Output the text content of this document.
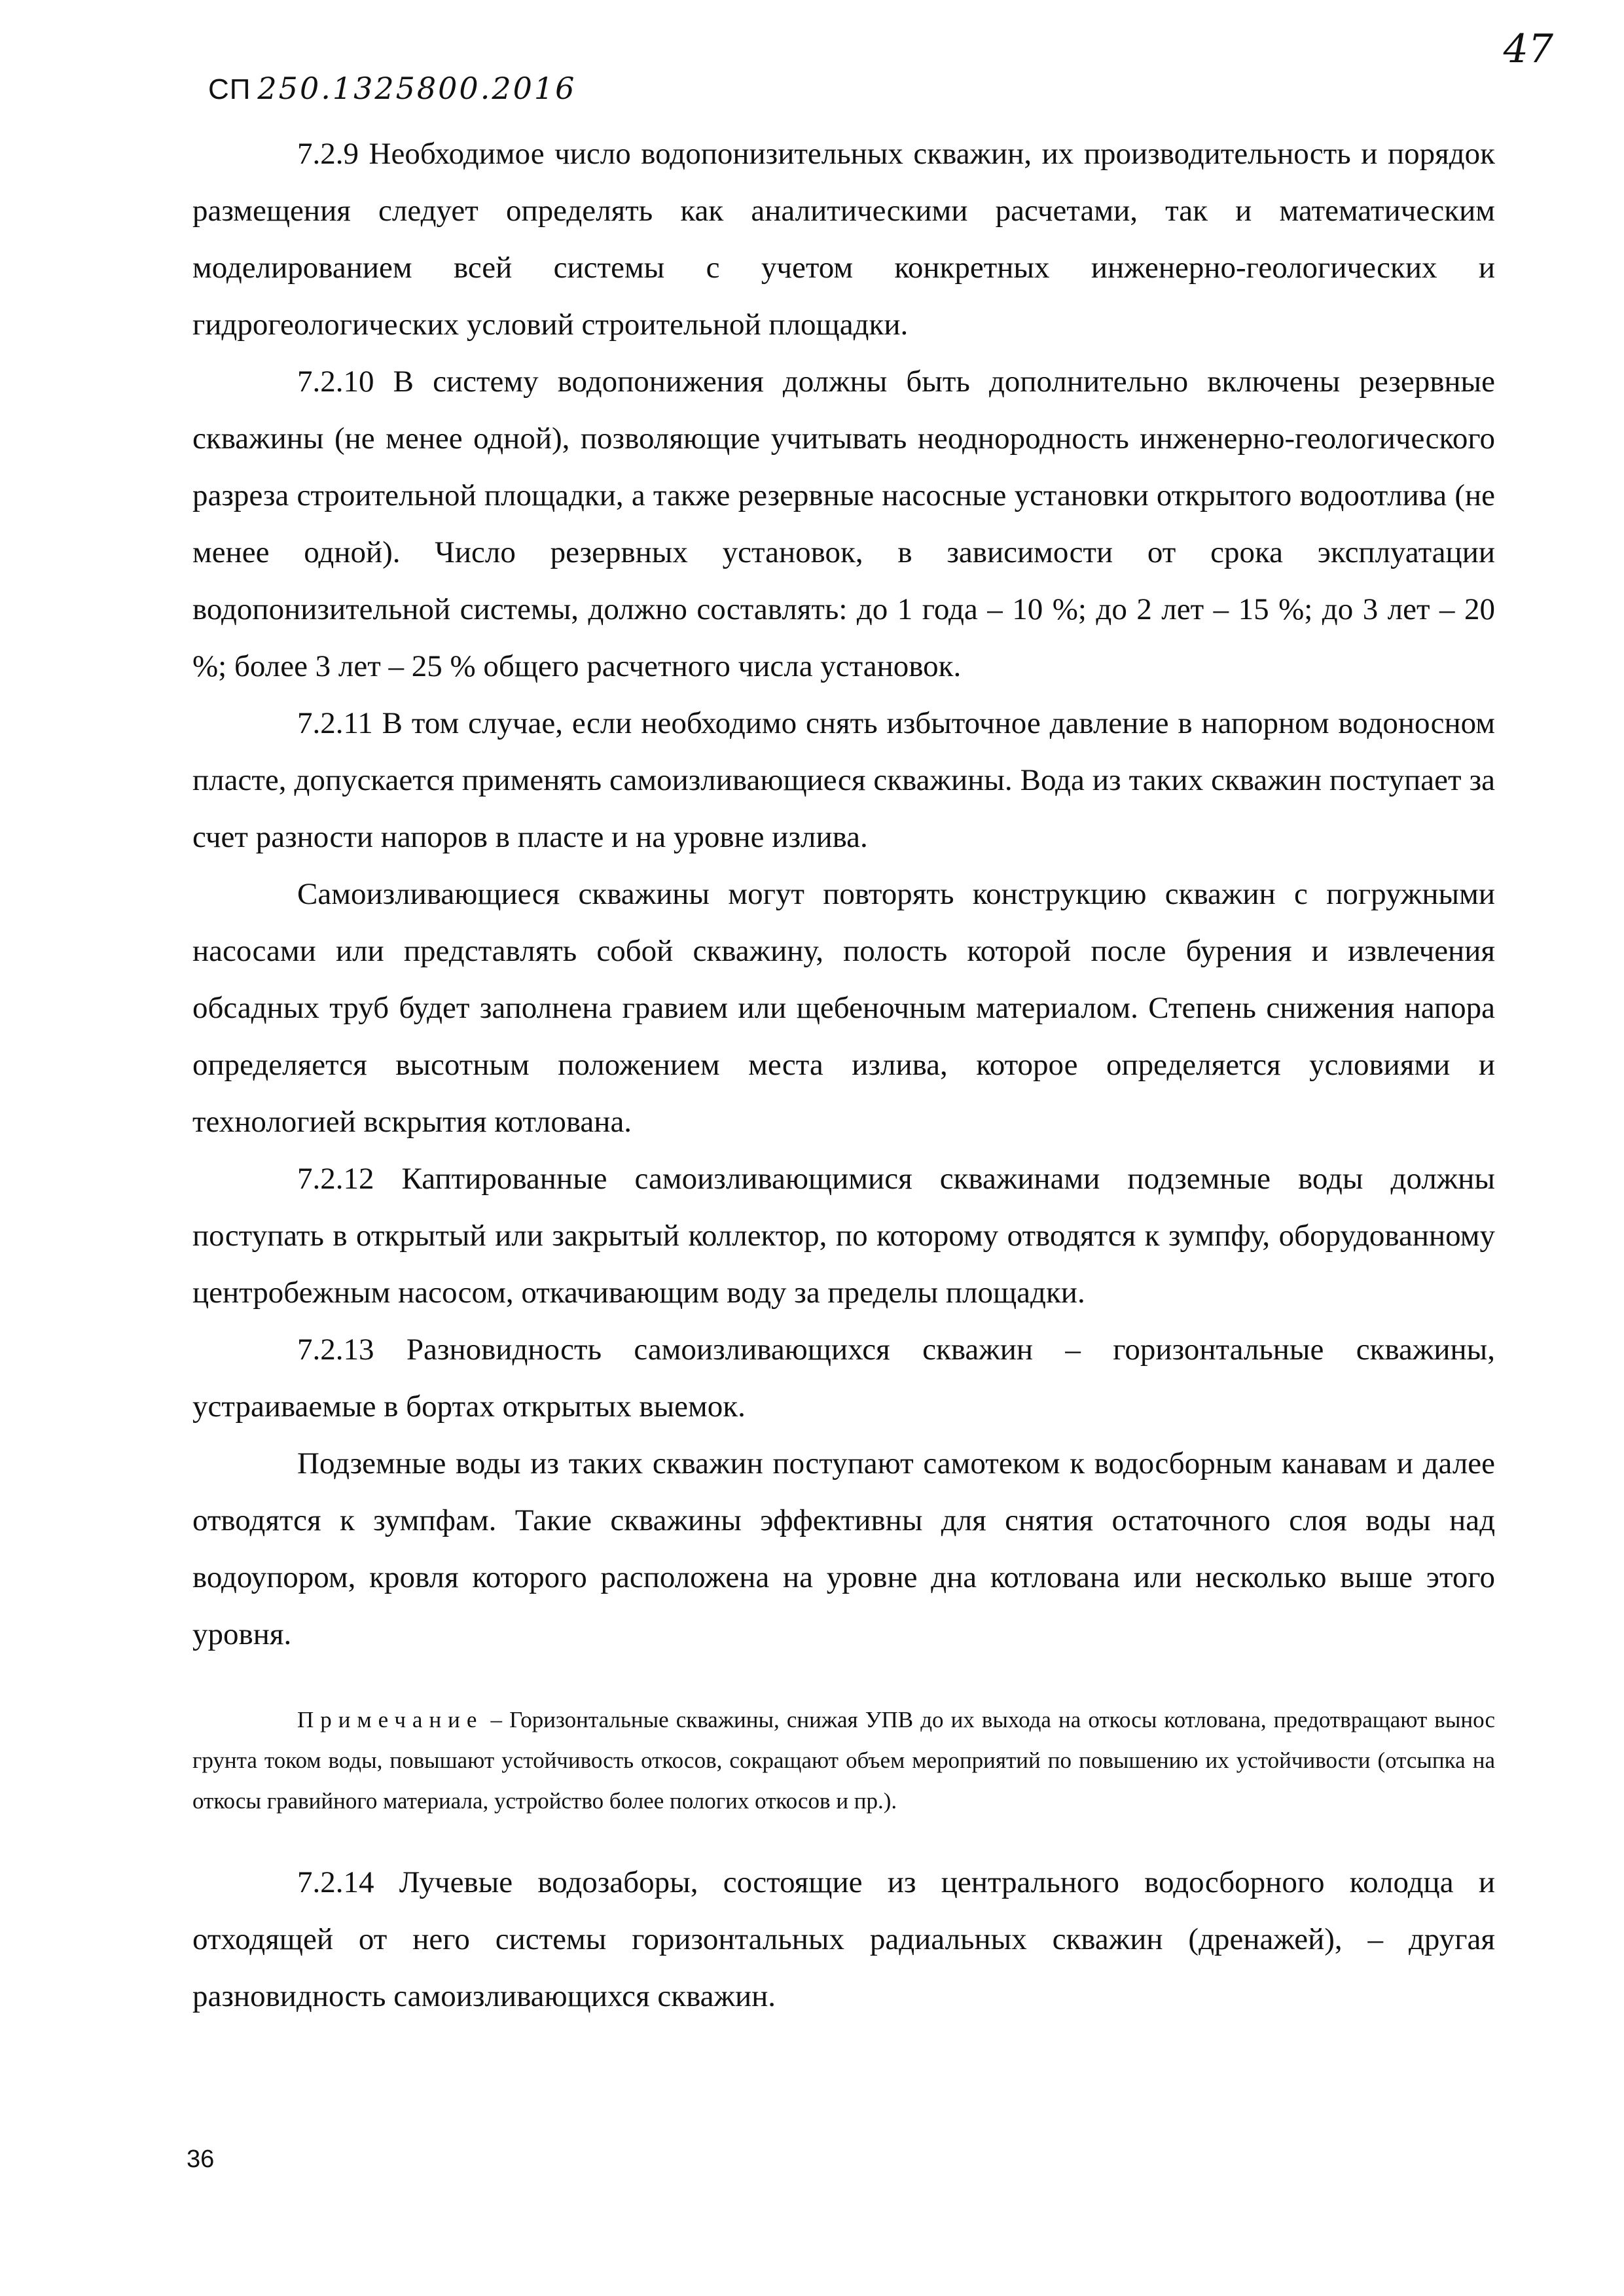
СП 250.1325800.2016
47

7.2.9 Необходимое число водопонизительных скважин, их производительность и порядок размещения следует определять как аналитическими расчетами, так и математическим моделированием всей системы с учетом конкретных инженерно-геологических и гидрогеологических условий строительной площадки.

7.2.10 В систему водопонижения должны быть дополнительно включены резервные скважины (не менее одной), позволяющие учитывать неоднородность инженерно-геологического разреза строительной площадки, а также резервные насосные установки открытого водоотлива (не менее одной). Число резервных установок, в зависимости от срока эксплуатации водопонизительной системы, должно составлять: до 1 года – 10 %; до 2 лет – 15 %; до 3 лет – 20 %; более 3 лет – 25 % общего расчетного числа установок.

7.2.11 В том случае, если необходимо снять избыточное давление в напорном водоносном пласте, допускается применять самоизливающиеся скважины. Вода из таких скважин поступает за счет разности напоров в пласте и на уровне излива.

Самоизливающиеся скважины могут повторять конструкцию скважин с погружными насосами или представлять собой скважину, полость которой после бурения и извлечения обсадных труб будет заполнена гравием или щебеночным материалом. Степень снижения напора определяется высотным положением места излива, которое определяется условиями и технологией вскрытия котлована.

7.2.12 Каптированные самоизливающимися скважинами подземные воды должны поступать в открытый или закрытый коллектор, по которому отводятся к зумпфу, оборудованному центробежным насосом, откачивающим воду за пределы площадки.

7.2.13 Разновидность самоизливающихся скважин – горизонтальные скважины, устраиваемые в бортах открытых выемок.

Подземные воды из таких скважин поступают самотеком к водосборным канавам и далее отводятся к зумпфам. Такие скважины эффективны для снятия остаточного слоя воды над водоупором, кровля которого расположена на уровне дна котлована или несколько выше этого уровня.

Примечание – Горизонтальные скважины, снижая УПВ до их выхода на откосы котлована, предотвращают вынос грунта током воды, повышают устойчивость откосов, сокращают объем мероприятий по повышению их устойчивости (отсыпка на откосы гравийного материала, устройство более пологих откосов и пр.).

7.2.14 Лучевые водозаборы, состоящие из центрального водосборного колодца и отходящей от него системы горизонтальных радиальных скважин (дренажей), – другая разновидность самоизливающихся скважин.

36
